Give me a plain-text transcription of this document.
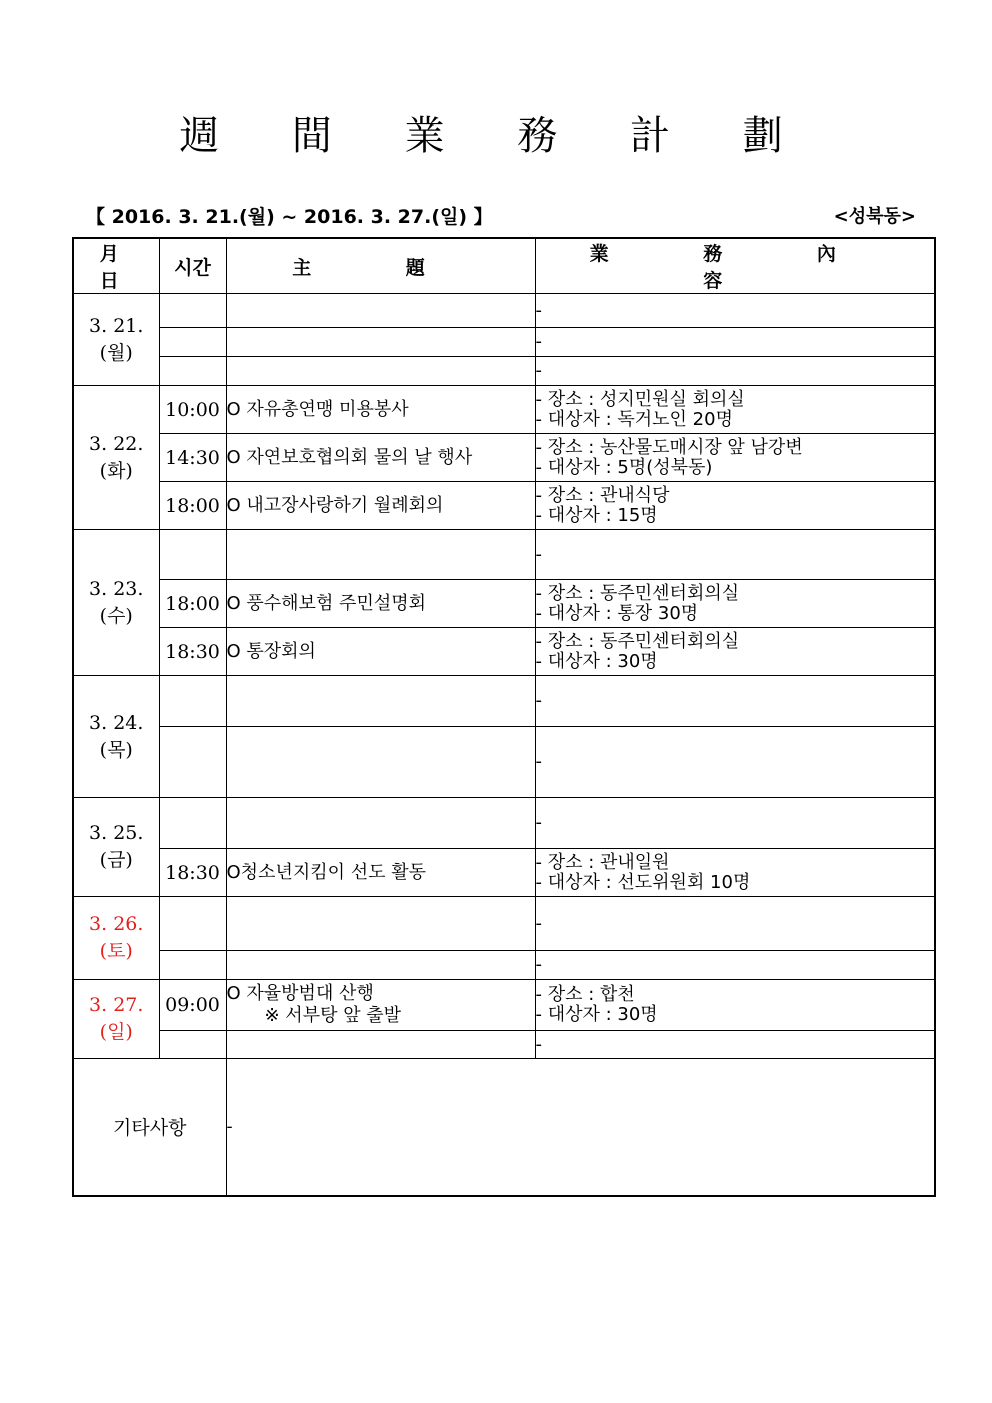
週 間 業 務 計 劃
【 2016. 3. 21.(월) ~ 2016. 3. 27.(일) 】	<성북동>
月 日	시간	主 題	業 務 內 容

3. 21.
(월)			-
			-
			-

3. 22.
(화)	10:00	O 자유총연맹 미용봉사	- 장소 : 성지민원실 회의실
- 대상자 : 독거노인 20명

	14:30	O 자연보호협의회 물의 날 행사	- 장소 : 농산물도매시장 앞 남강변
- 대상자 : 5명(성북동)

	18:00	O 내고장사랑하기 월례회의	- 장소 : 관내식당
- 대상자 : 15명

3. 23.
(수)			-
	18:00	O 풍수해보험 주민설명회	- 장소 : 동주민센터회의실
- 대상자 : 통장 30명

	18:30	O 통장회의	- 장소 : 동주민센터회의실
- 대상자 : 30명

3. 24.
(목)			-
			-

3. 25.
(금)			-
	18:30	O청소년지킴이 선도 활동	- 장소 : 관내일원
- 대상자 : 선도위원회 10명

3. 26.
(토)			-
			-

3. 27.
(일)	09:00	O 자율방범대 산행
※ 서부탕 앞 출발	- 장소 : 합천
- 대상자 : 30명

			-
기타사항		-	
